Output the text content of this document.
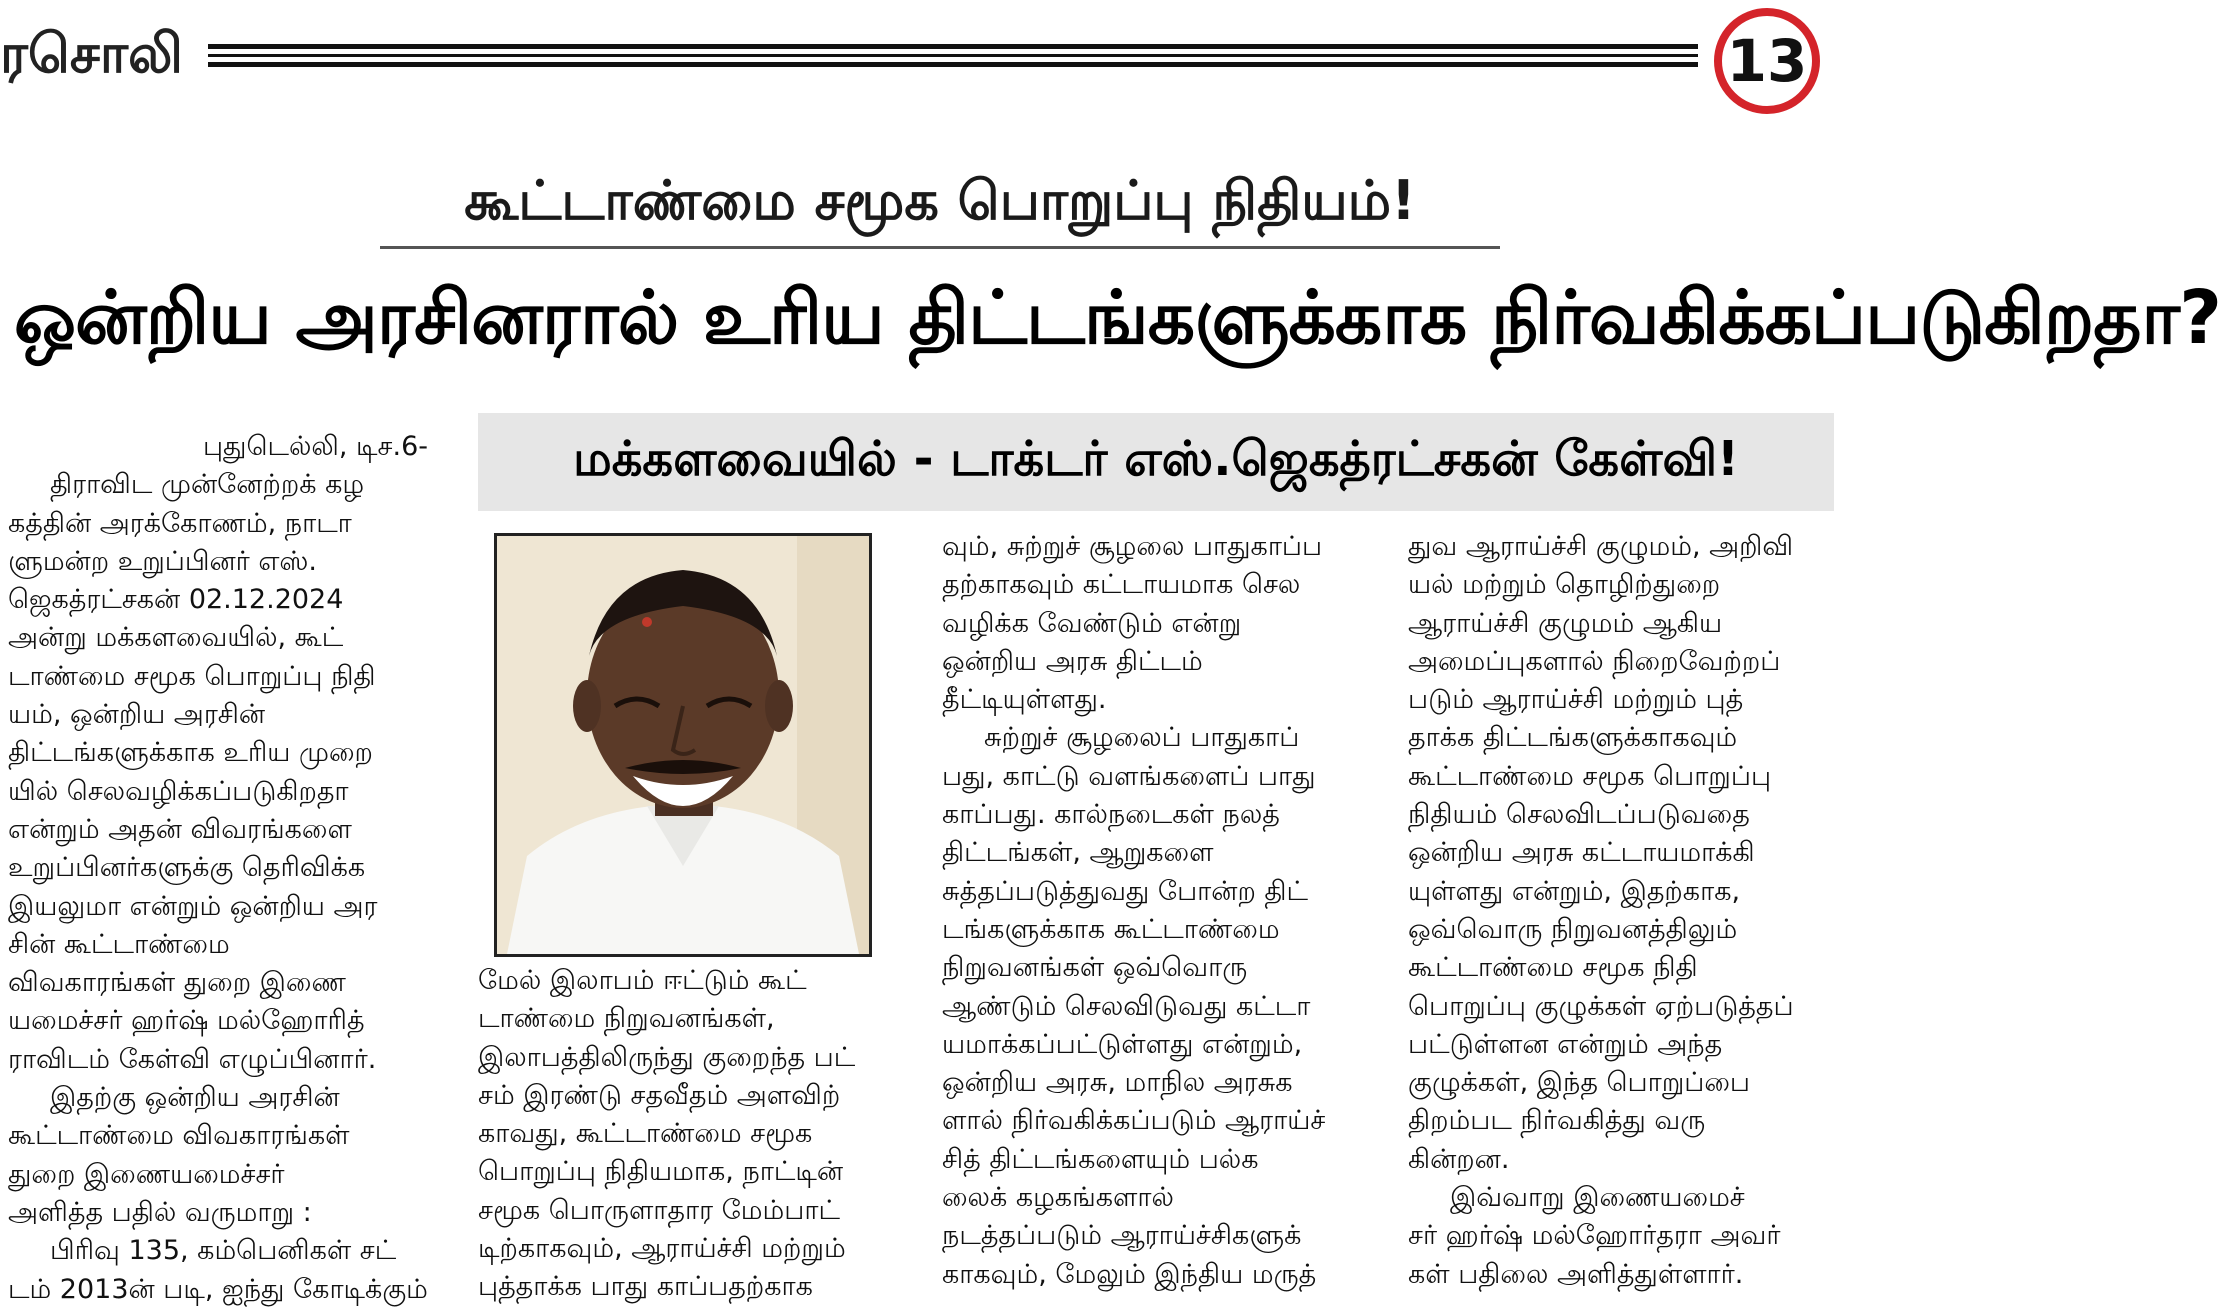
ரசொலி	13
கூட்டாண்மை சமூக பொறுப்பு நிதியம்!
ஒன்றிய அரசினரால் உரிய திட்டங்களுக்காக நிர்வகிக்கப்படுகிறதா?
மக்களவையில் - டாக்டர் எஸ்.ஜெகத்ரட்சகன் கேள்வி!
புதுடெல்லி, டிச.6-
திராவிட முன்னேற்றக் கழ
கத்தின் அரக்கோணம், நாடா
ளுமன்ற உறுப்பினர் எஸ்.
ஜெகத்ரட்சகன் 02.12.2024
அன்று மக்களவையில், கூட்
டாண்மை சமூக பொறுப்பு நிதி
யம், ஒன்றிய அரசின்
திட்டங்களுக்காக உரிய முறை
யில் செலவழிக்கப்படுகிறதா
என்றும் அதன் விவரங்களை
உறுப்பினர்களுக்கு தெரிவிக்க
இயலுமா என்றும் ஒன்றிய அர
சின் கூட்டாண்மை
விவகாரங்கள் துறை இணை
யமைச்சர் ஹர்ஷ் மல்ஹோரித்
ராவிடம் கேள்வி எழுப்பினார்.
இதற்கு ஒன்றிய அரசின்
கூட்டாண்மை விவகாரங்கள்
துறை இணையமைச்சர்
அளித்த பதில் வருமாறு :
பிரிவு 135, கம்பெனிகள் சட்
டம் 2013ன் படி, ஐந்து கோடிக்கும்
மேல் இலாபம் ஈட்டும் கூட்
டாண்மை நிறுவனங்கள்,
இலாபத்திலிருந்து குறைந்த பட்
சம் இரண்டு சதவீதம் அளவிற்
காவது, கூட்டாண்மை சமூக
பொறுப்பு நிதியமாக, நாட்டின்
சமூக பொருளாதார மேம்பாட்
டிற்காகவும், ஆராய்ச்சி மற்றும்
புத்தாக்க பாது காப்பதற்காக
வும், சுற்றுச் சூழலை பாதுகாப்ப
தற்காகவும் கட்டாயமாக செல
வழிக்க வேண்டும் என்று
ஒன்றிய அரசு திட்டம்
தீட்டியுள்ளது.
சுற்றுச் சூழலைப் பாதுகாப்
பது, காட்டு வளங்களைப் பாது
காப்பது. கால்நடைகள் நலத்
திட்டங்கள், ஆறுகளை
சுத்தப்படுத்துவது போன்ற திட்
டங்களுக்காக கூட்டாண்மை
நிறுவனங்கள் ஒவ்வொரு
ஆண்டும் செலவிடுவது கட்டா
யமாக்கப்பட்டுள்ளது என்றும்,
ஒன்றிய அரசு, மாநில அரசுக
ளால் நிர்வகிக்கப்படும் ஆராய்ச்
சித் திட்டங்களையும் பல்க
லைக் கழகங்களால்
நடத்தப்படும் ஆராய்ச்சிகளுக்
காகவும், மேலும் இந்திய மருத்
துவ ஆராய்ச்சி குழுமம், அறிவி
யல் மற்றும் தொழிற்துறை
ஆராய்ச்சி குழுமம் ஆகிய
அமைப்புகளால் நிறைவேற்றப்
படும் ஆராய்ச்சி மற்றும் புத்
தாக்க திட்டங்களுக்காகவும்
கூட்டாண்மை சமூக பொறுப்பு
நிதியம் செலவிடப்படுவதை
ஒன்றிய அரசு கட்டாயமாக்கி
யுள்ளது என்றும், இதற்காக,
ஒவ்வொரு நிறுவனத்திலும்
கூட்டாண்மை சமூக நிதி
பொறுப்பு குழுக்கள் ஏற்படுத்தப்
பட்டுள்ளன என்றும் அந்த
குழுக்கள், இந்த பொறுப்பை
திறம்பட நிர்வகித்து வரு
கின்றன.
இவ்வாறு இணையமைச்
சர் ஹர்ஷ் மல்ஹோர்தரா அவர்
கள் பதிலை அளித்துள்ளார்.
